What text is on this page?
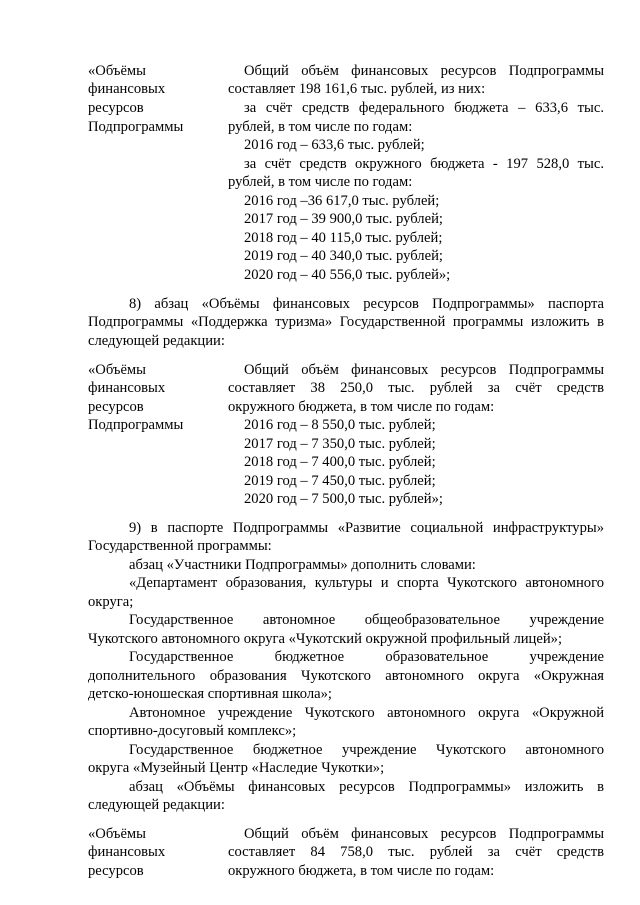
«Объёмы
финансовых
ресурсов
Подпрограммы
Общий объём финансовых ресурсов Подпрограммы
составляет 198 161,6 тыс. рублей, из них:
за счёт средств федерального бюджета – 633,6 тыс.
рублей, в том числе по годам:
2016 год – 633,6 тыс. рублей;
за счёт средств окружного бюджета - 197 528,0 тыс.
рублей, в том числе по годам:
2016 год –36 617,0 тыс. рублей;
2017 год – 39 900,0 тыс. рублей;
2018 год – 40 115,0 тыс. рублей;
2019 год – 40 340,0 тыс. рублей;
2020 год – 40 556,0 тыс. рублей»;
8) абзац «Объёмы финансовых ресурсов Подпрограммы» паспорта
Подпрограммы «Поддержка туризма» Государственной программы изложить в
следующей редакции:
«Объёмы
финансовых
ресурсов
Подпрограммы
Общий объём финансовых ресурсов Подпрограммы
составляет 38 250,0 тыс. рублей за счёт средств
окружного бюджета, в том числе по годам:
2016 год – 8 550,0 тыс. рублей;
2017 год – 7 350,0 тыс. рублей;
2018 год – 7 400,0 тыс. рублей;
2019 год – 7 450,0 тыс. рублей;
2020 год – 7 500,0 тыс. рублей»;
9) в паспорте Подпрограммы «Развитие социальной инфраструктуры»
Государственной программы:
абзац «Участники Подпрограммы» дополнить словами:
«Департамент образования, культуры и спорта Чукотского автономного
округа;
Государственное автономное общеобразовательное учреждение
Чукотского автономного округа «Чукотский окружной профильный лицей»;
Государственное бюджетное образовательное учреждение
дополнительного образования Чукотского автономного округа «Окружная
детско-юношеская спортивная школа»;
Автономное учреждение Чукотского автономного округа «Окружной
спортивно-досуговый комплекс»;
Государственное бюджетное учреждение Чукотского автономного
округа «Музейный Центр «Наследие Чукотки»;
абзац «Объёмы финансовых ресурсов Подпрограммы» изложить в
следующей редакции:
«Объёмы
финансовых
ресурсов
Общий объём финансовых ресурсов Подпрограммы
составляет 84 758,0 тыс. рублей за счёт средств
окружного бюджета, в том числе по годам:
